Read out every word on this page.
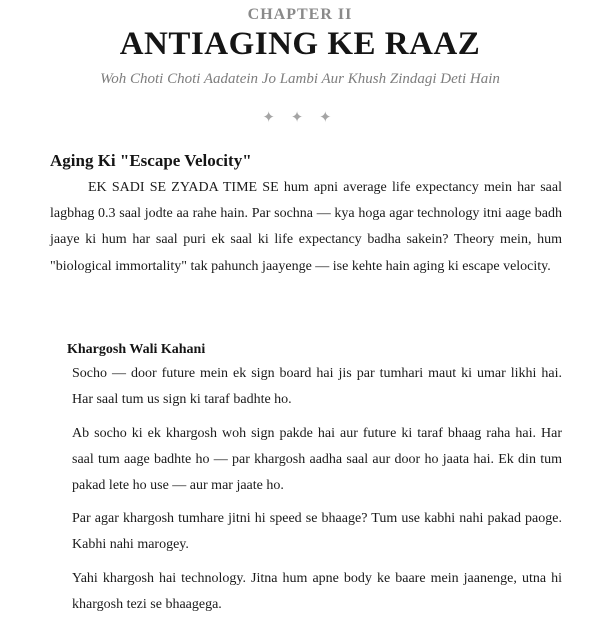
CHAPTER II
ANTIAGING KE RAAZ
Woh Choti Choti Aadatein Jo Lambi Aur Khush Zindagi Deti Hain
✦ ✦ ✦
Aging Ki "Escape Velocity"

EK SADI SE ZYADA TIME SE hum apni average life expectancy mein har saal lagbhag 0.3 saal jodte aa rahe hain. Par sochna — kya hoga agar technology itni aage badh jaaye ki hum har saal puri ek saal ki life expectancy badha sakein? Theory mein, hum "biological immortality" tak pahunch jaayenge — ise kehte hain aging ki escape velocity.

Khargosh Wali Kahani

Socho — door future mein ek sign board hai jis par tumhari maut ki umar likhi hai. Har saal tum us sign ki taraf badhte ho.

Ab socho ki ek khargosh woh sign pakde hai aur future ki taraf bhaag raha hai. Har saal tum aage badhte ho — par khargosh aadha saal aur door ho jaata hai. Ek din tum pakad lete ho use — aur mar jaate ho.

Par agar khargosh tumhare jitni hi speed se bhaage? Tum use kabhi nahi pakad paoge. Kabhi nahi marogey.

Yahi khargosh hai technology. Jitna hum apne body ke baare mein jaanenge, utna hi khargosh tezi se bhaagega.
